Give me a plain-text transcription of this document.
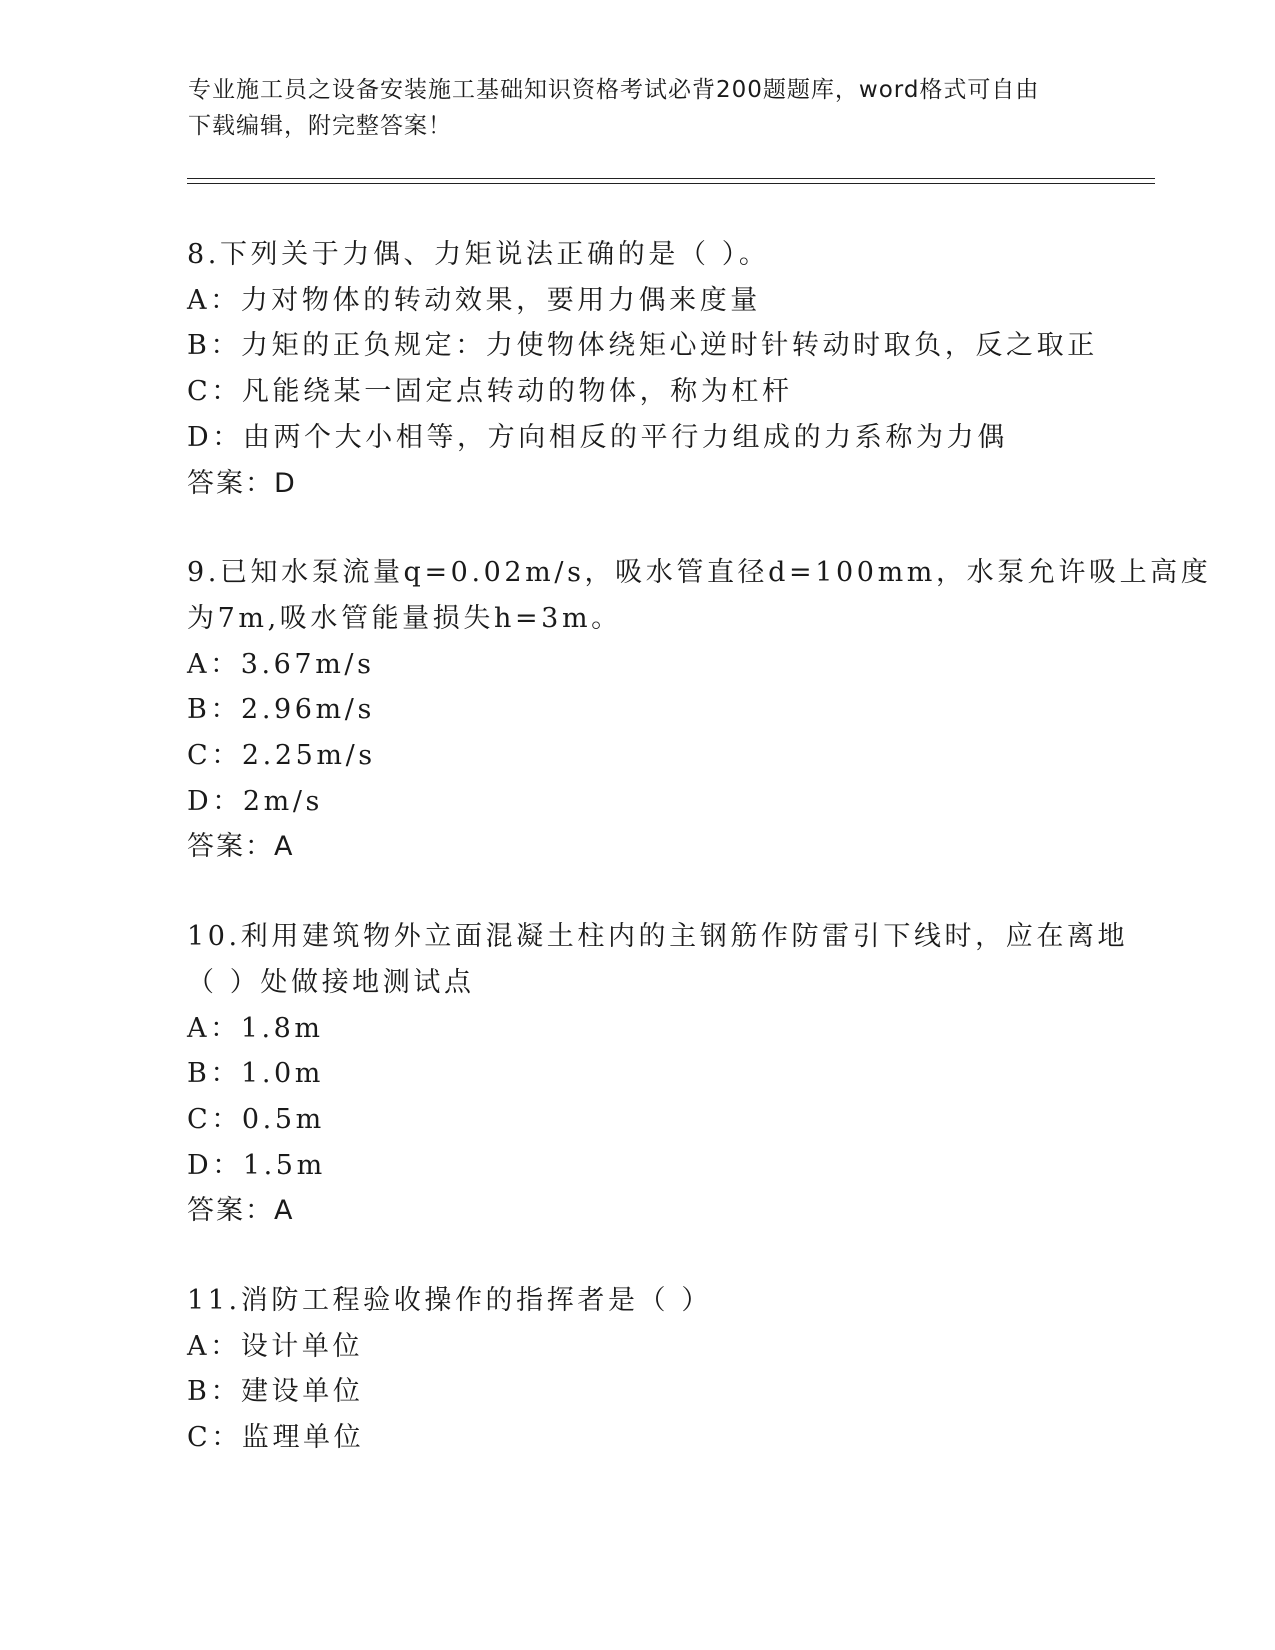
专业施工员之设备安装施工基础知识资格考试必背200题题库，word格式可自由
下载编辑，附完整答案！
8.下列关于力偶、力矩说法正确的是（ ）。
A：力对物体的转动效果，要用力偶来度量
B：力矩的正负规定：力使物体绕矩心逆时针转动时取负，反之取正
C：凡能绕某一固定点转动的物体，称为杠杆
D：由两个大小相等，方向相反的平行力组成的力系称为力偶
答案：D
9.已知水泵流量q=0.02m/s，吸水管直径d=100mm，水泵允许吸上高度
为7m,吸水管能量损失h=3m。
A：3.67m/s
B：2.96m/s
C：2.25m/s
D：2m/s
答案：A
10.利用建筑物外立面混凝土柱内的主钢筋作防雷引下线时，应在离地
（ ）处做接地测试点
A：1.8m
B：1.0m
C：0.5m
D：1.5m
答案：A
11.消防工程验收操作的指挥者是（ ）
A：设计单位
B：建设单位
C：监理单位
